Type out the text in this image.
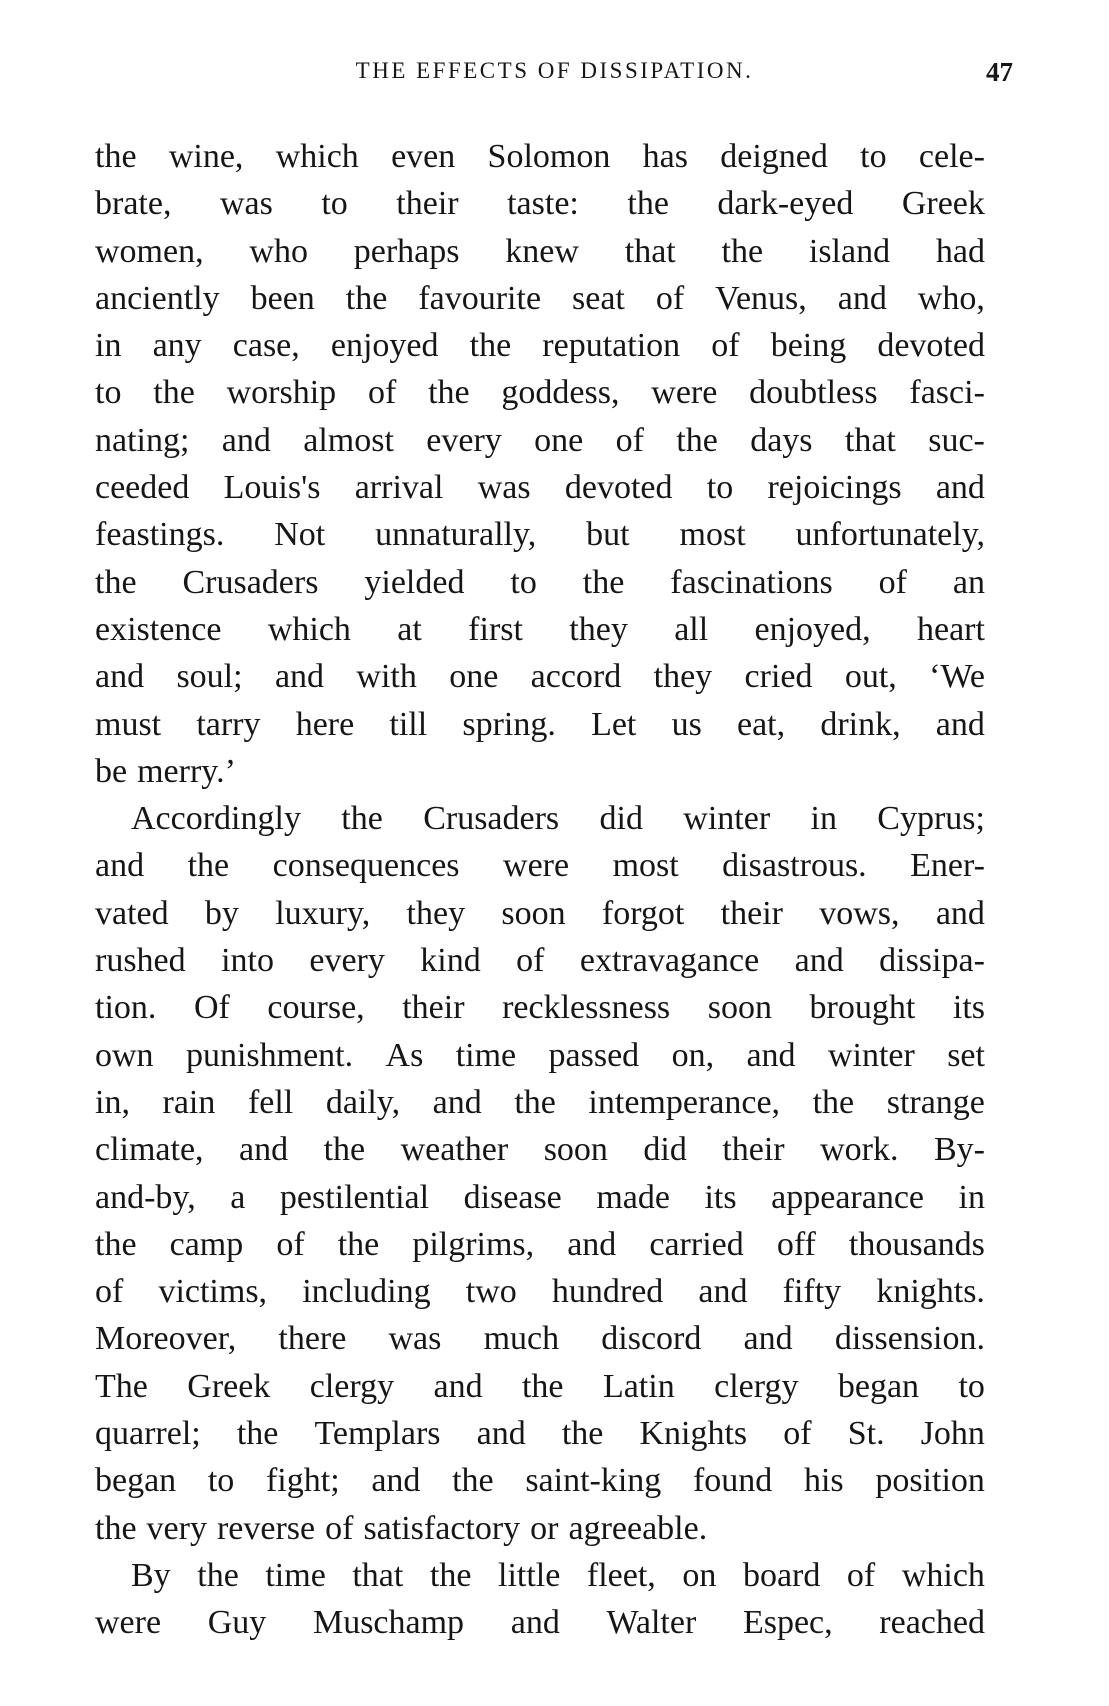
THE EFFECTS OF DISSIPATION.	47
the wine, which even Solomon has deigned to cele-
brate, was to their taste: the dark-eyed Greek
women, who perhaps knew that the island had
anciently been the favourite seat of Venus, and who,
in any case, enjoyed the reputation of being devoted
to the worship of the goddess, were doubtless fasci-
nating; and almost every one of the days that suc-
ceeded Louis's arrival was devoted to rejoicings and
feastings. Not unnaturally, but most unfortunately,
the Crusaders yielded to the fascinations of an
existence which at first they all enjoyed, heart
and soul; and with one accord they cried out, ‘We
must tarry here till spring. Let us eat, drink, and
be merry.’
Accordingly the Crusaders did winter in Cyprus;
and the consequences were most disastrous. Ener-
vated by luxury, they soon forgot their vows, and
rushed into every kind of extravagance and dissipa-
tion. Of course, their recklessness soon brought its
own punishment. As time passed on, and winter set
in, rain fell daily, and the intemperance, the strange
climate, and the weather soon did their work. By-
and-by, a pestilential disease made its appearance in
the camp of the pilgrims, and carried off thousands
of victims, including two hundred and fifty knights.
Moreover, there was much discord and dissension.
The Greek clergy and the Latin clergy began to
quarrel; the Templars and the Knights of St. John
began to fight; and the saint-king found his position
the very reverse of satisfactory or agreeable.
By the time that the little fleet, on board of which
were Guy Muschamp and Walter Espec, reached
